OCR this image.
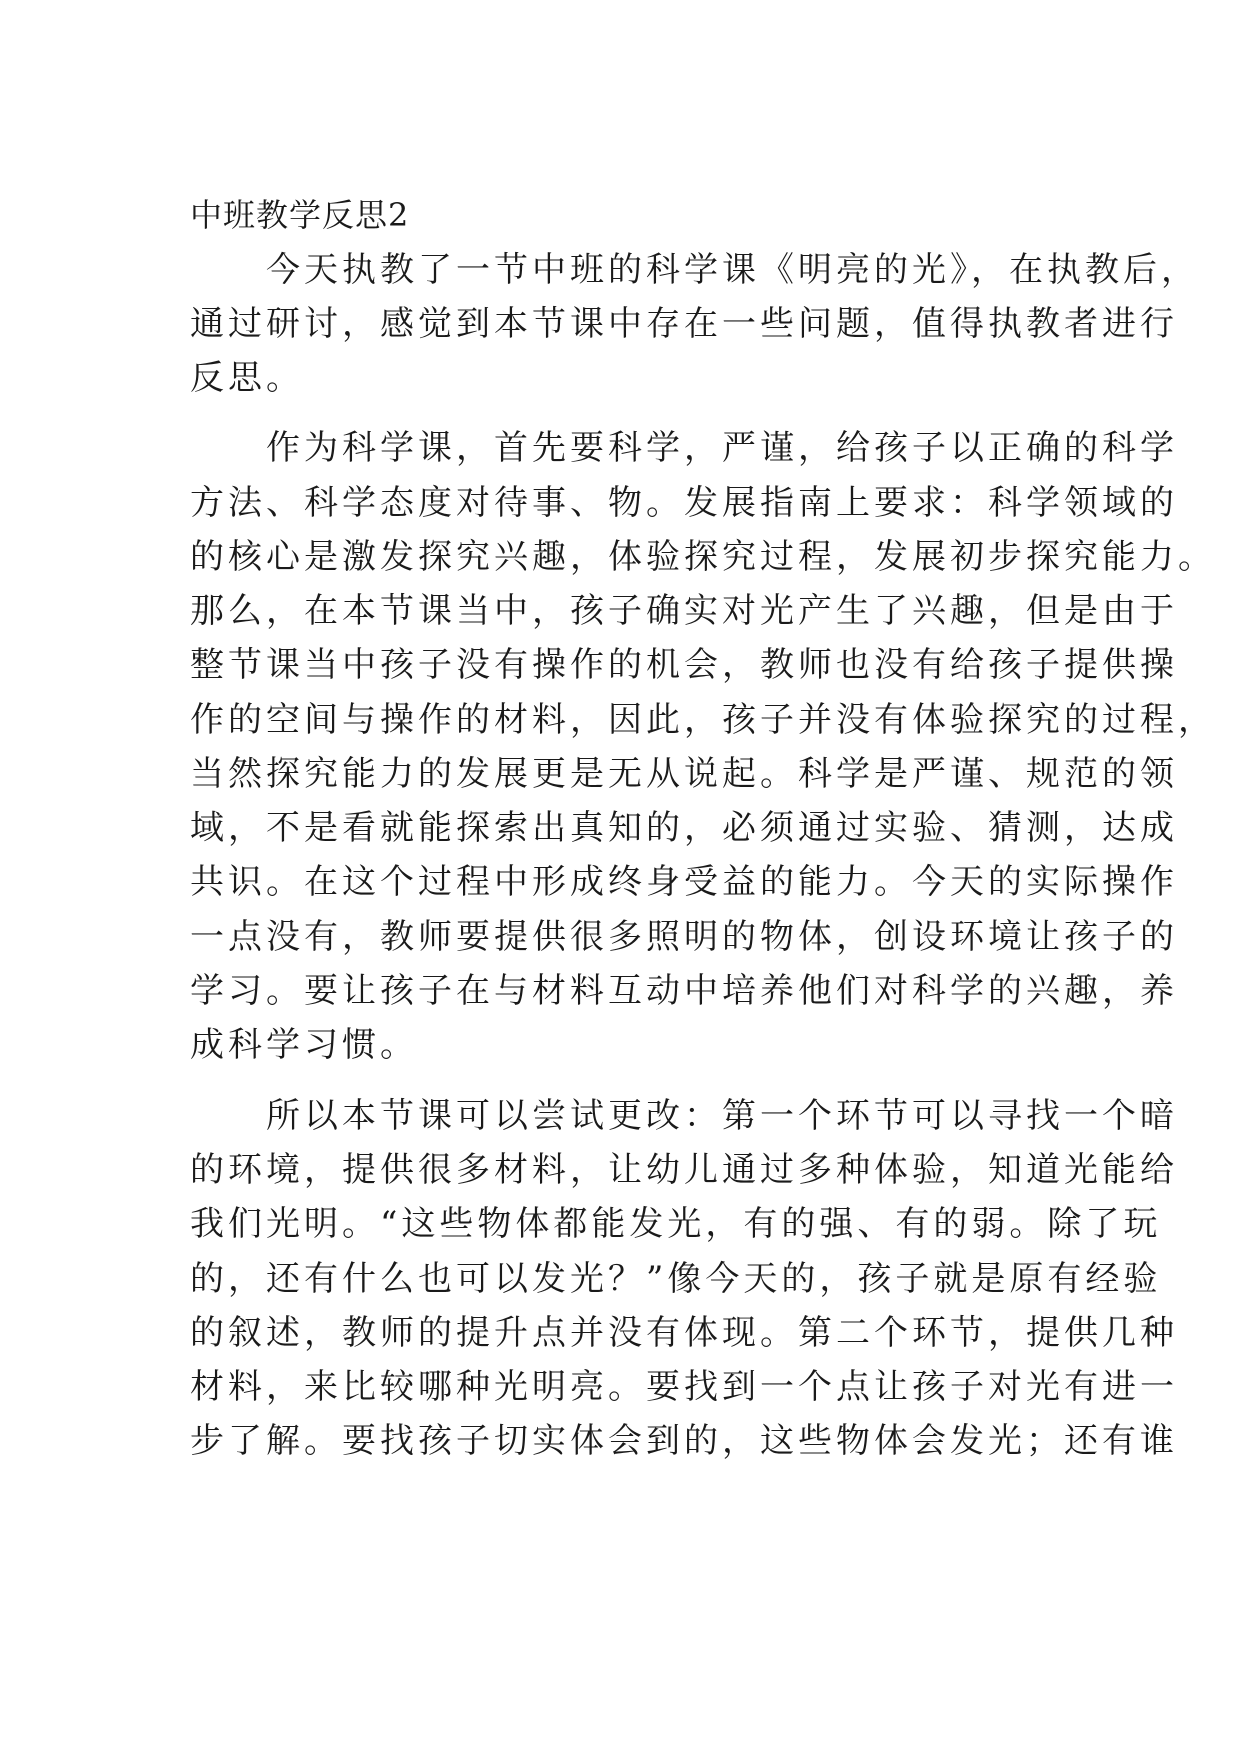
中班教学反思2
　　今天执教了一节中班的科学课《明亮的光》，在执教后，
通过研讨，感觉到本节课中存在一些问题，值得执教者进行
反思。
　　作为科学课，首先要科学，严谨，给孩子以正确的科学
方法、科学态度对待事、物。发展指南上要求：科学领域的
的核心是激发探究兴趣，体验探究过程，发展初步探究能力。
那么，在本节课当中，孩子确实对光产生了兴趣，但是由于
整节课当中孩子没有操作的机会，教师也没有给孩子提供操
作的空间与操作的材料，因此，孩子并没有体验探究的过程，
当然探究能力的发展更是无从说起。科学是严谨、规范的领
域，不是看就能探索出真知的，必须通过实验、猜测，达成
共识。在这个过程中形成终身受益的能力。今天的实际操作
一点没有，教师要提供很多照明的物体，创设环境让孩子的
学习。要让孩子在与材料互动中培养他们对科学的兴趣，养
成科学习惯。
　　所以本节课可以尝试更改：第一个环节可以寻找一个暗
的环境，提供很多材料，让幼儿通过多种体验，知道光能给
我们光明。“这些物体都能发光，有的强、有的弱。除了玩
的，还有什么也可以发光？”像今天的，孩子就是原有经验
的叙述，教师的提升点并没有体现。第二个环节，提供几种
材料，来比较哪种光明亮。要找到一个点让孩子对光有进一
步了解。要找孩子切实体会到的，这些物体会发光；还有谁
